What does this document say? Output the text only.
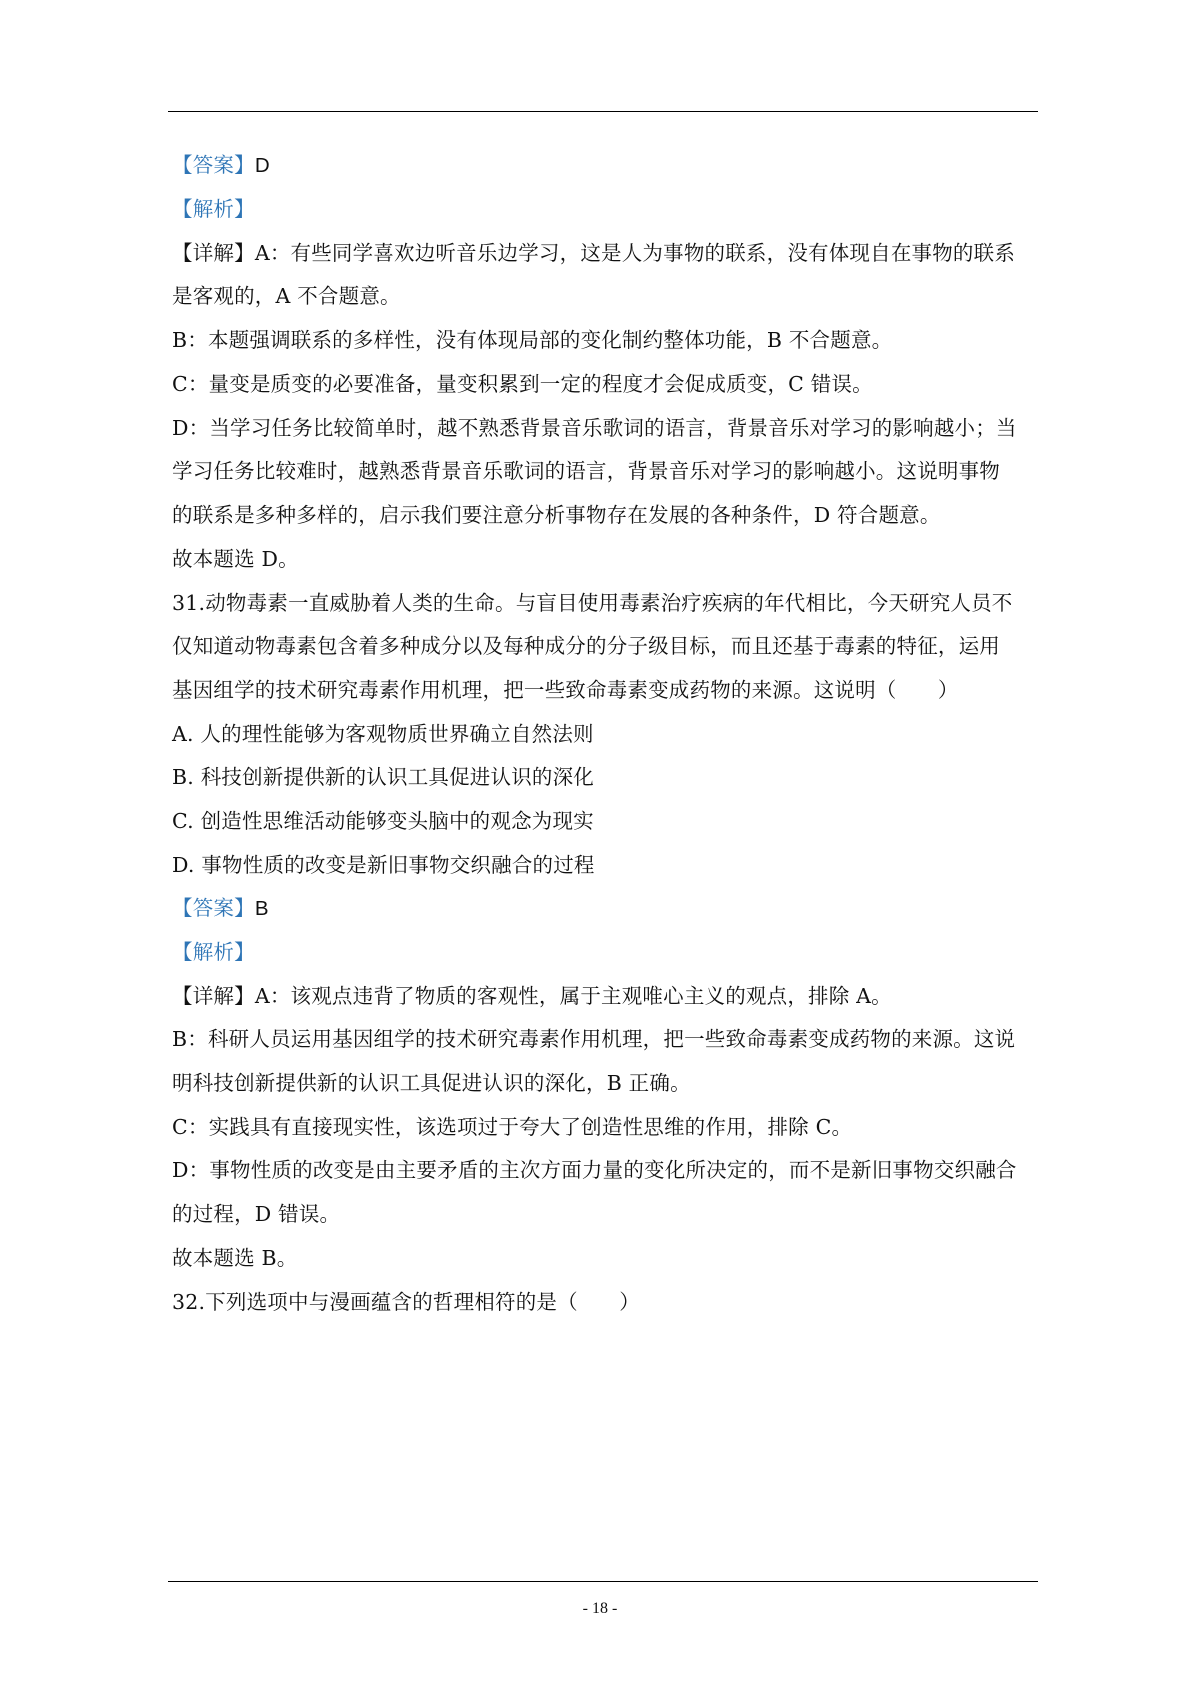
【答案】D
【解析】
【详解】A：有些同学喜欢边听音乐边学习，这是人为事物的联系，没有体现自在事物的联系
是客观的，A 不合题意。
B：本题强调联系的多样性，没有体现局部的变化制约整体功能，B 不合题意。
C：量变是质变的必要准备，量变积累到一定的程度才会促成质变，C 错误。
D：当学习任务比较简单时，越不熟悉背景音乐歌词的语言，背景音乐对学习的影响越小；当
学习任务比较难时，越熟悉背景音乐歌词的语言，背景音乐对学习的影响越小。这说明事物
的联系是多种多样的，启示我们要注意分析事物存在发展的各种条件，D 符合题意。
故本题选 D。
31.动物毒素一直威胁着人类的生命。与盲目使用毒素治疗疾病的年代相比，今天研究人员不
仅知道动物毒素包含着多种成分以及每种成分的分子级目标，而且还基于毒素的特征，运用
基因组学的技术研究毒素作用机理，把一些致命毒素变成药物的来源。这说明（　　）
A. 人的理性能够为客观物质世界确立自然法则
B. 科技创新提供新的认识工具促进认识的深化
C. 创造性思维活动能够变头脑中的观念为现实
D. 事物性质的改变是新旧事物交织融合的过程
【答案】B
【解析】
【详解】A：该观点违背了物质的客观性，属于主观唯心主义的观点，排除 A。
B：科研人员运用基因组学的技术研究毒素作用机理，把一些致命毒素变成药物的来源。这说
明科技创新提供新的认识工具促进认识的深化，B 正确。
C：实践具有直接现实性，该选项过于夸大了创造性思维的作用，排除 C。
D：事物性质的改变是由主要矛盾的主次方面力量的变化所决定的，而不是新旧事物交织融合
的过程，D 错误。
故本题选 B。
32.下列选项中与漫画蕴含的哲理相符的是（　　）
- 18 -
